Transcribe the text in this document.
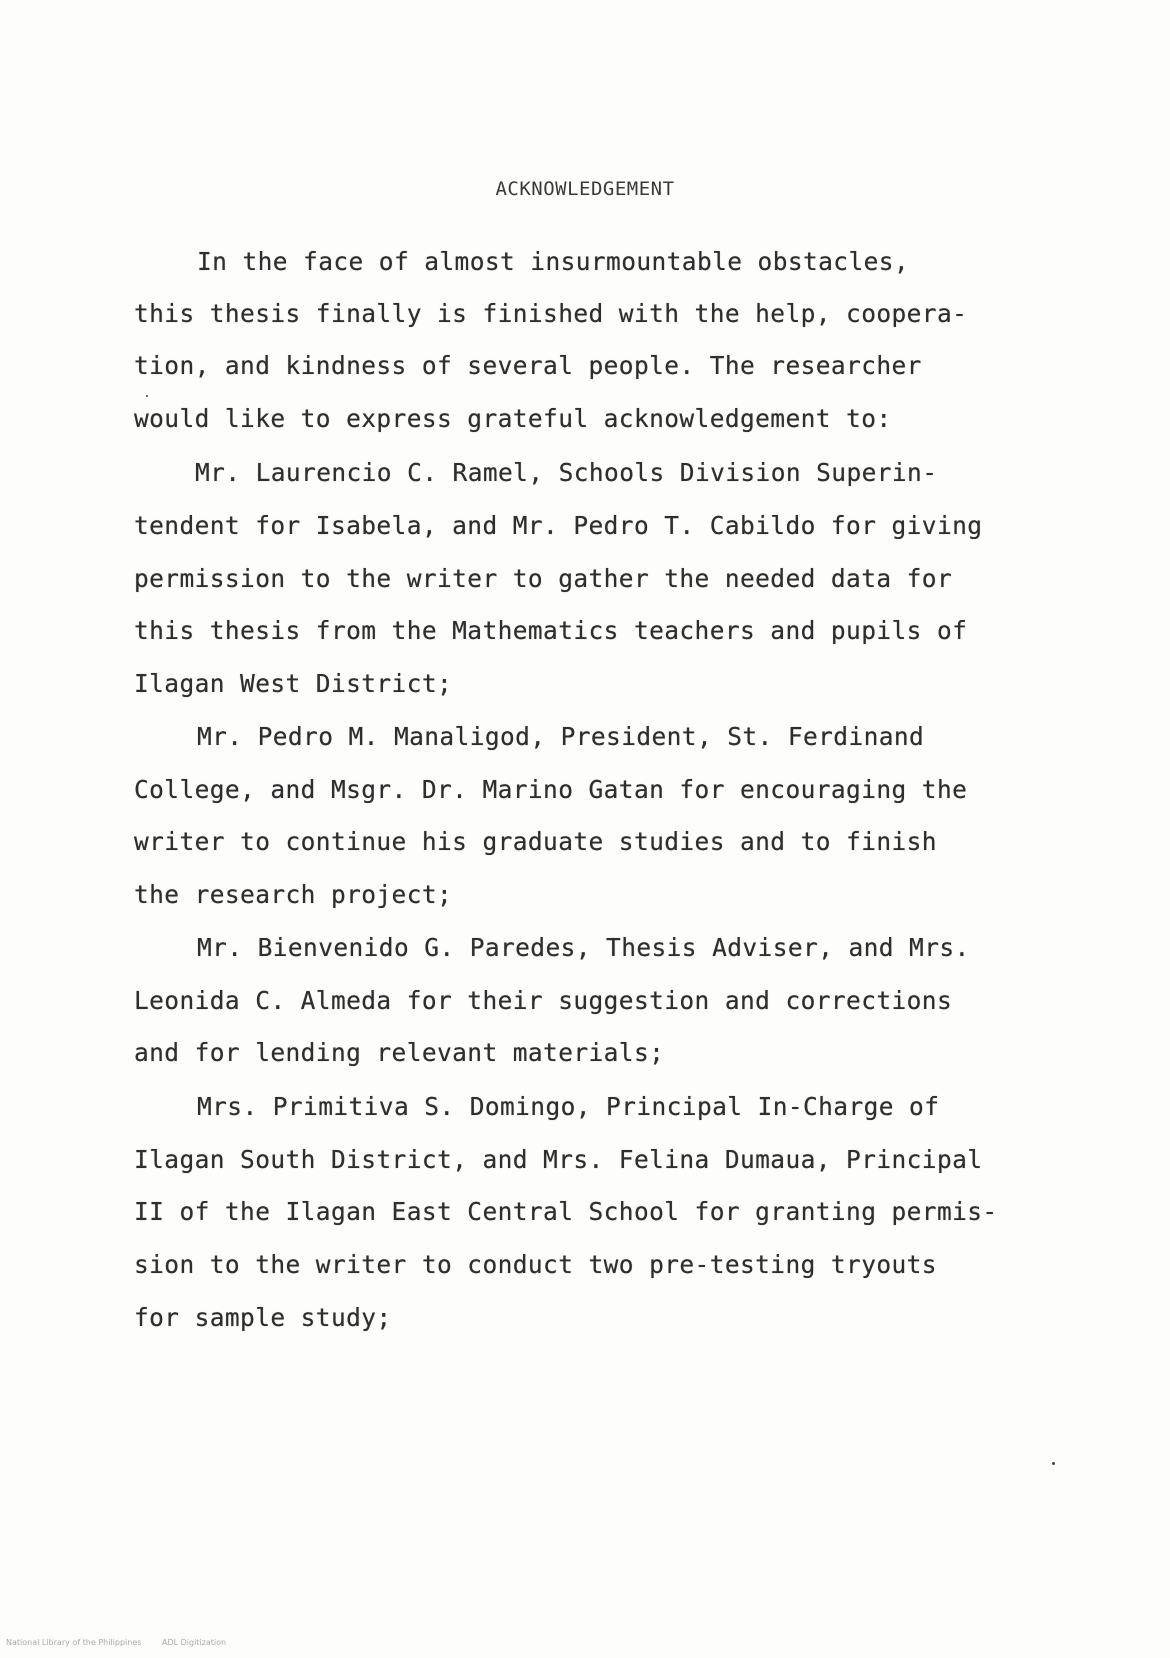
ACKNOWLEDGEMENT
In the face of almost insurmountable obstacles,
this thesis finally is finished with the help, coopera-
tion, and kindness of several people. The researcher
would like to express grateful acknowledgement to:
Mr. Laurencio C. Ramel, Schools Division Superin-
tendent for Isabela, and Mr. Pedro T. Cabildo for giving
permission to the writer to gather the needed data for
this thesis from the Mathematics teachers and pupils of
Ilagan West District;
Mr. Pedro M. Manaligod, President, St. Ferdinand
College, and Msgr. Dr. Marino Gatan for encouraging the
writer to continue his graduate studies and to finish
the research project;
Mr. Bienvenido G. Paredes, Thesis Adviser, and Mrs.
Leonida C. Almeda for their suggestion and corrections
and for lending relevant materials;
Mrs. Primitiva S. Domingo, Principal In-Charge of
Ilagan South District, and Mrs. Felina Dumaua, Principal
II of the Ilagan East Central School for granting permis-
sion to the writer to conduct two pre-testing tryouts
for sample study;
National Library of the Philippines	ADL Digitization
